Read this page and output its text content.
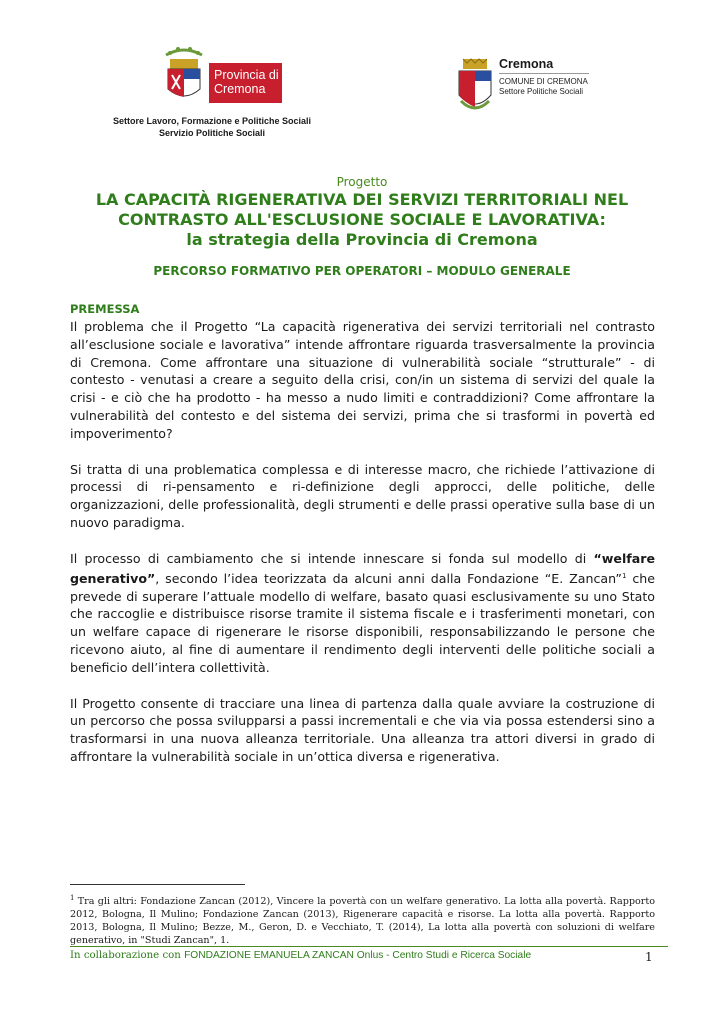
Provincia di Cremona
Cremona
COMUNE DI CREMONA
Settore Politiche Sociali
Settore Lavoro, Formazione e Politiche Sociali
Servizio Politiche Sociali
Progetto
LA CAPACITÀ RIGENERATIVA DEI SERVIZI TERRITORIALI NEL
CONTRASTO ALL'ESCLUSIONE SOCIALE E LAVORATIVA:
la strategia della Provincia di Cremona
PERCORSO FORMATIVO PER OPERATORI – MODULO GENERALE
PREMESSA

Il problema che il Progetto “La capacità rigenerativa dei servizi territoriali nel contrasto all’esclusione sociale e lavorativa” intende affrontare riguarda trasversalmente la provincia di Cremona. Come affrontare una situazione di vulnerabilità sociale “strutturale” - di contesto - venutasi a creare a seguito della crisi, con/in un sistema di servizi del quale la crisi - e ciò che ha prodotto - ha messo a nudo limiti e contraddizioni? Come affrontare la vulnerabilità del contesto e del sistema dei servizi, prima che si trasformi in povertà ed impoverimento?

Si tratta di una problematica complessa e di interesse macro, che richiede l’attivazione di processi di ri-pensamento e ri-definizione degli approcci, delle politiche, delle organizzazioni, delle professionalità, degli strumenti e delle prassi operative sulla base di un nuovo paradigma.

Il processo di cambiamento che si intende innescare si fonda sul modello di “welfare generativo”, secondo l’idea teorizzata da alcuni anni dalla Fondazione “E. Zancan”$^1$ che prevede di superare l’attuale modello di welfare, basato quasi esclusivamente su uno Stato che raccoglie e distribuisce risorse tramite il sistema fiscale e i trasferimenti monetari, con un welfare capace di rigenerare le risorse disponibili, responsabilizzando le persone che ricevono aiuto, al fine di aumentare il rendimento degli interventi delle politiche sociali a beneficio dell’intera collettività.

Il Progetto consente di tracciare una linea di partenza dalla quale avviare la costruzione di un percorso che possa svilupparsi a passi incrementali e che via via possa estendersi sino a trasformarsi in una nuova alleanza territoriale. Una alleanza tra attori diversi in grado di affrontare la vulnerabilità sociale in un’ottica diversa e rigenerativa.

$^1$ Tra gli altri: Fondazione Zancan (2012), Vincere la povertà con un welfare generativo. La lotta alla povertà. Rapporto 2012, Bologna, Il Mulino; Fondazione Zancan (2013), Rigenerare capacità e risorse. La lotta alla povertà. Rapporto 2013, Bologna, Il Mulino; Bezze, M., Geron, D. e Vecchiato, T. (2014), La lotta alla povertà con soluzioni di welfare generativo, in "Studi Zancan", 1.
In collaborazione con FONDAZIONE EMANUELA ZANCAN Onlus - Centro Studi e Ricerca Sociale	1
